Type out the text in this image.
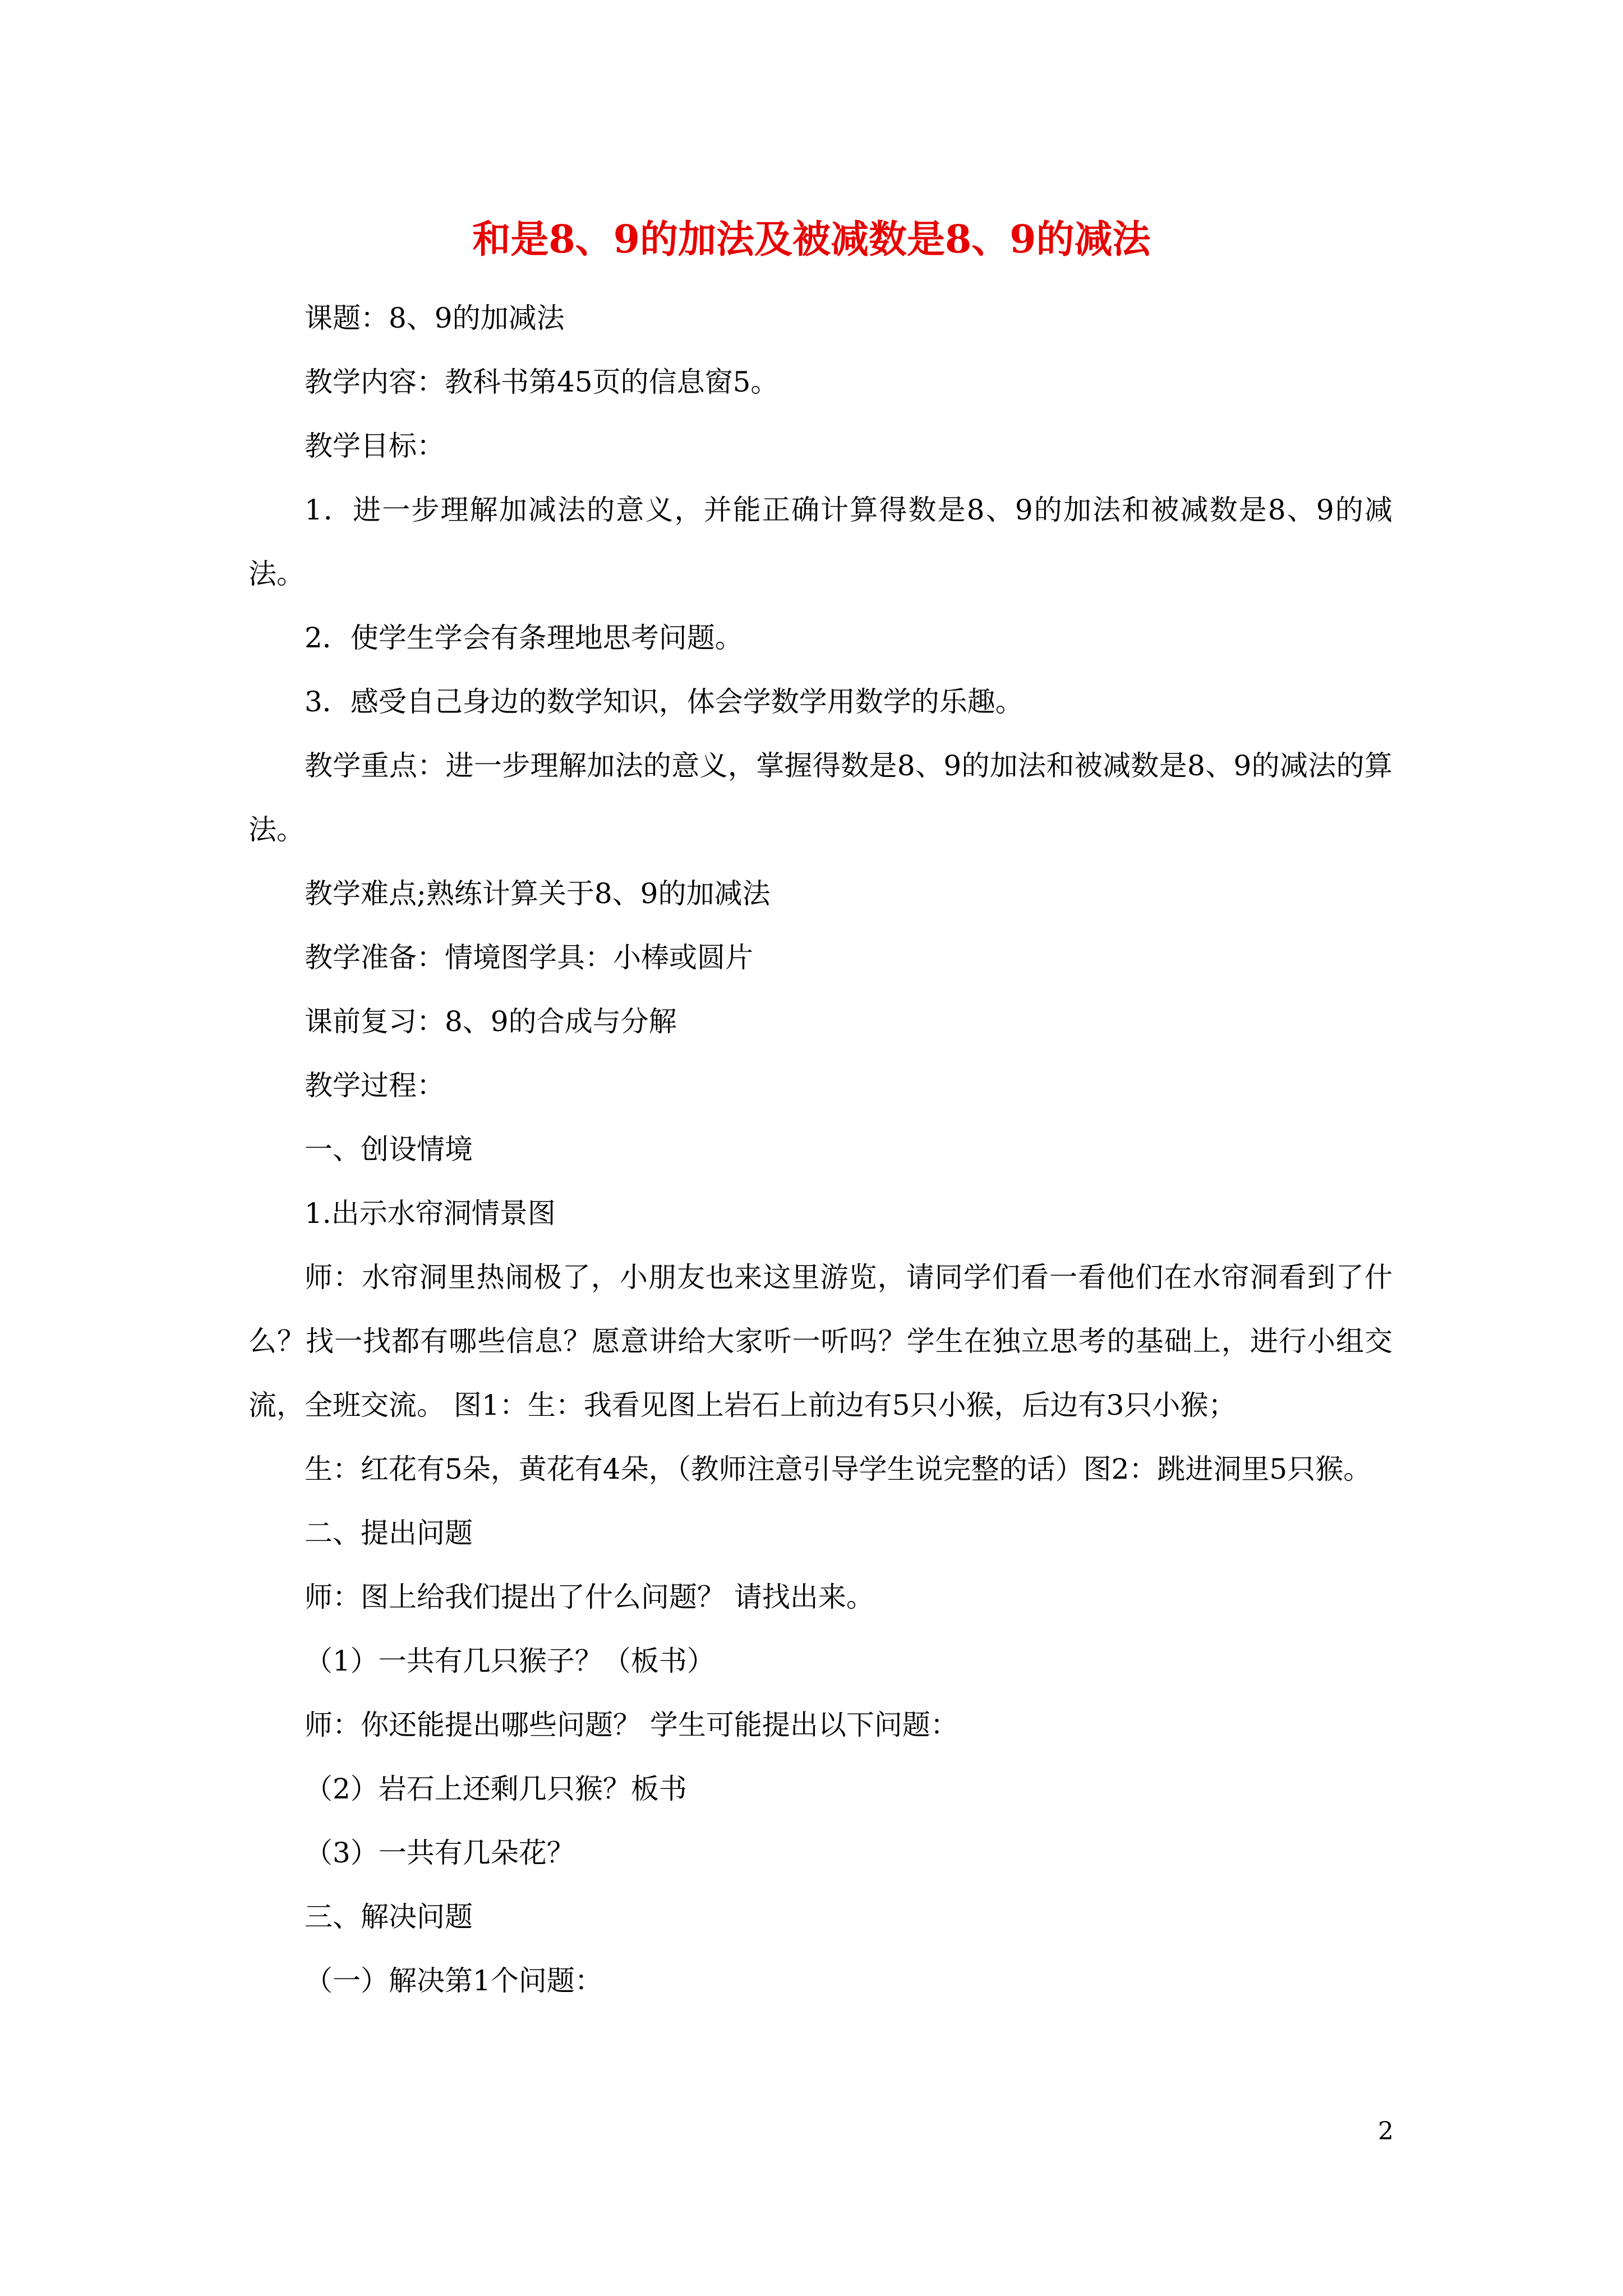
和是8、9的加法及被减数是8、9的减法

课题：8、9的加减法

教学内容：教科书第45页的信息窗5。

教学目标：

1．进一步理解加减法的意义，并能正确计算得数是8、9的加法和被减数是8、9的减法。

2．使学生学会有条理地思考问题。

3．感受自己身边的数学知识，体会学数学用数学的乐趣。

教学重点：进一步理解加法的意义，掌握得数是8、9的加法和被减数是8、9的减法的算法。

教学难点;熟练计算关于8、9的加减法

教学准备：情境图学具：小棒或圆片

课前复习：8、9的合成与分解

教学过程：

一、创设情境

1.出示水帘洞情景图

师：水帘洞里热闹极了，小朋友也来这里游览，请同学们看一看他们在水帘洞看到了什么？找一找都有哪些信息？愿意讲给大家听一听吗？学生在独立思考的基础上，进行小组交流，全班交流。 图1：生：我看见图上岩石上前边有5只小猴，后边有3只小猴；

生：红花有5朵，黄花有4朵，（教师注意引导学生说完整的话）图2：跳进洞里5只猴。

二、提出问题

师：图上给我们提出了什么问题？ 请找出来。

（1）一共有几只猴子？（板书）

师：你还能提出哪些问题？ 学生可能提出以下问题：

（2）岩石上还剩几只猴？板书

（3）一共有几朵花？

三、解决问题

（一）解决第1个问题：

2
